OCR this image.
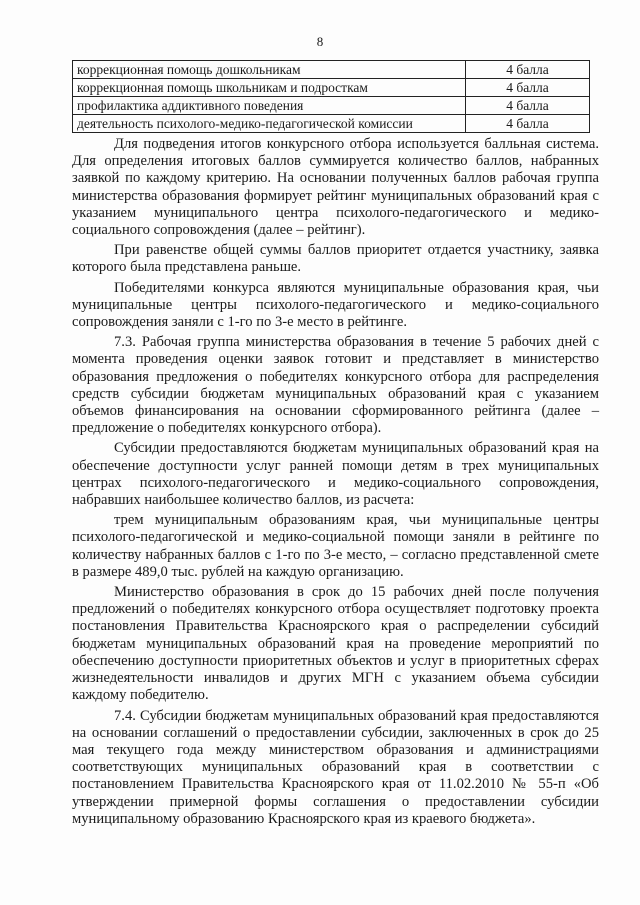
8
коррекционная помощь дошкольникам	4 балла
коррекционная помощь школьникам и подросткам	4 балла
профилактика аддиктивного поведения	4 балла
деятельность психолого-медико-педагогической комиссии	4 балла

Для подведения итогов конкурсного отбора используется балльная система. Для определения итоговых баллов суммируется количество баллов, набранных заявкой по каждому критерию. На основании полученных баллов рабочая группа министерства образования формирует рейтинг муниципальных образований края с указанием муниципального центра психолого-педагогического и медико-социального сопровождения (далее – рейтинг).

При равенстве общей суммы баллов приоритет отдается участнику, заявка которого была представлена раньше.

Победителями конкурса являются муниципальные образования края, чьи муниципальные центры психолого-педагогического и медико-социального сопровождения заняли с 1-го по 3-е место в рейтинге.

7.3. Рабочая группа министерства образования в течение 5 рабочих дней с момента проведения оценки заявок готовит и представляет в министерство образования предложения о победителях конкурсного отбора для распределения средств субсидии бюджетам муниципальных образований края с указанием объемов финансирования на основании сформированного рейтинга (далее – предложение о победителях конкурсного отбора).

Субсидии предоставляются бюджетам муниципальных образований края на обеспечение доступности услуг ранней помощи детям в трех муниципальных центрах психолого-педагогического и медико-социального сопровождения, набравших наибольшее количество баллов, из расчета:

трем муниципальным образованиям края, чьи муниципальные центры психолого-педагогической и медико-социальной помощи заняли в рейтинге по количеству набранных баллов с 1-го по 3-е место, – согласно представленной смете в размере 489,0 тыс. рублей на каждую организацию.

Министерство образования в срок до 15 рабочих дней после получения предложений о победителях конкурсного отбора осуществляет подготовку проекта постановления Правительства Красноярского края о распределении субсидий бюджетам муниципальных образований края на проведение мероприятий по обеспечению доступности приоритетных объектов и услуг в приоритетных сферах жизнедеятельности инвалидов и других МГН с указанием объема субсидии каждому победителю.

7.4. Субсидии бюджетам муниципальных образований края предоставляются на основании соглашений о предоставлении субсидии, заключенных в срок до 25 мая текущего года между министерством образования и администрациями соответствующих муниципальных образований края в соответствии с постановлением Правительства Красноярского края от 11.02.2010 № 55-п «Об утверждении примерной формы соглашения о предоставлении субсидии муниципальному образованию Красноярского края из краевого бюджета».
